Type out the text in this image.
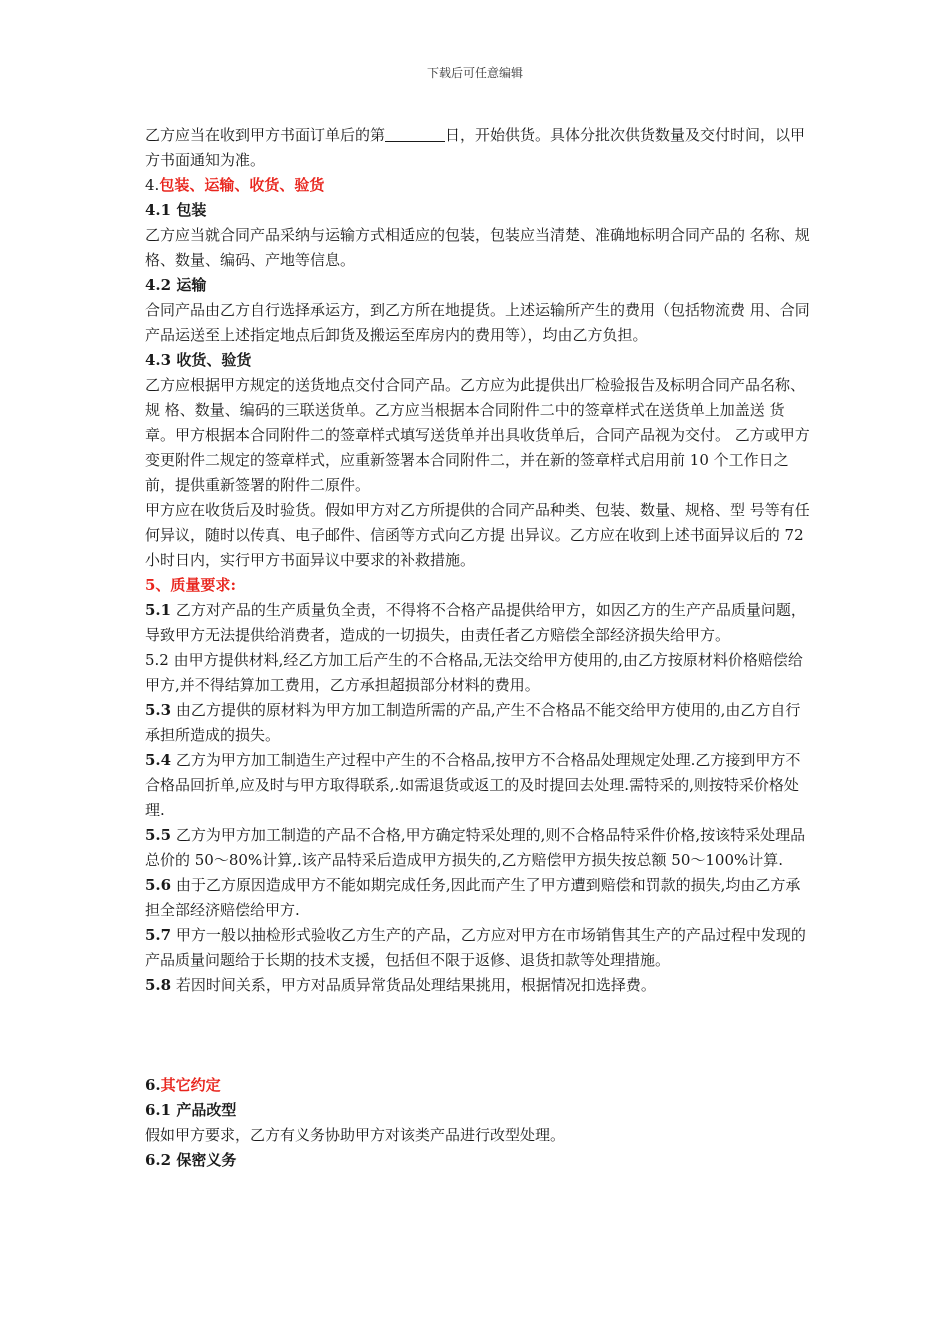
下载后可任意编辑

乙方应当在收到甲方书面订单后的第	日，开始供货。具体分批次供货数量及交付时间，以甲方书面通知为准。

4.包装、运输、收货、验货

4.1 包装

乙方应当就合同产品采纳与运输方式相适应的包装，包装应当清楚、准确地标明合同产品的 名称、规格、数量、编码、产地等信息。

4.2 运输

合同产品由乙方自行选择承运方，到乙方所在地提货。上述运输所产生的费用（包括物流费 用、合同产品运送至上述指定地点后卸货及搬运至库房内的费用等），均由乙方负担。

4.3 收货、验货

乙方应根据甲方规定的送货地点交付合同产品。乙方应为此提供出厂检验报告及标明合同产品名称、规 格、数量、编码的三联送货单。乙方应当根据本合同附件二中的签章样式在送货单上加盖送 货章。甲方根据本合同附件二的签章样式填写送货单并出具收货单后，合同产品视为交付。 乙方或甲方变更附件二规定的签章样式，应重新签署本合同附件二，并在新的签章样式启用前 10 个工作日之前，提供重新签署的附件二原件。

甲方应在收货后及时验货。假如甲方对乙方所提供的合同产品种类、包装、数量、规格、型 号等有任何异议，随时以传真、电子邮件、信函等方式向乙方提 出异议。乙方应在收到上述书面异议后的 72 小时日内，实行甲方书面异议中要求的补救措施。

5、质量要求:

5.1 乙方对产品的生产质量负全责，不得将不合格产品提供给甲方，如因乙方的生产产品质量问题，导致甲方无法提供给消费者，造成的一切损失，由责任者乙方赔偿全部经济损失给甲方。

5.2 由甲方提供材料,经乙方加工后产生的不合格品,无法交给甲方使用的,由乙方按原材料价格赔偿给甲方,并不得结算加工费用，乙方承担超损部分材料的费用。

5.3 由乙方提供的原材料为甲方加工制造所需的产品,产生不合格品不能交给甲方使用的,由乙方自行承担所造成的损失。

5.4 乙方为甲方加工制造生产过程中产生的不合格品,按甲方不合格品处理规定处理.乙方接到甲方不合格品回折单,应及时与甲方取得联系,.如需退货或返工的及时提回去处理.需特采的,则按特采价格处理.

5.5 乙方为甲方加工制造的产品不合格,甲方确定特采处理的,则不合格品特采件价格,按该特采处理品总价的 50～80%计算,.该产品特采后造成甲方损失的,乙方赔偿甲方损失按总额 50～100%计算.

5.6 由于乙方原因造成甲方不能如期完成任务,因此而产生了甲方遭到赔偿和罚款的损失,均由乙方承担全部经济赔偿给甲方.

5.7 甲方一般以抽检形式验收乙方生产的产品，乙方应对甲方在市场销售其生产的产品过程中发现的产品质量问题给于长期的技术支援，包括但不限于返修、退货扣款等处理措施。

5.8 若因时间关系，甲方对品质异常货品处理结果挑用，根据情况扣选择费。

6.其它约定

6.1 产品改型

假如甲方要求，乙方有义务协助甲方对该类产品进行改型处理。

6.2 保密义务
